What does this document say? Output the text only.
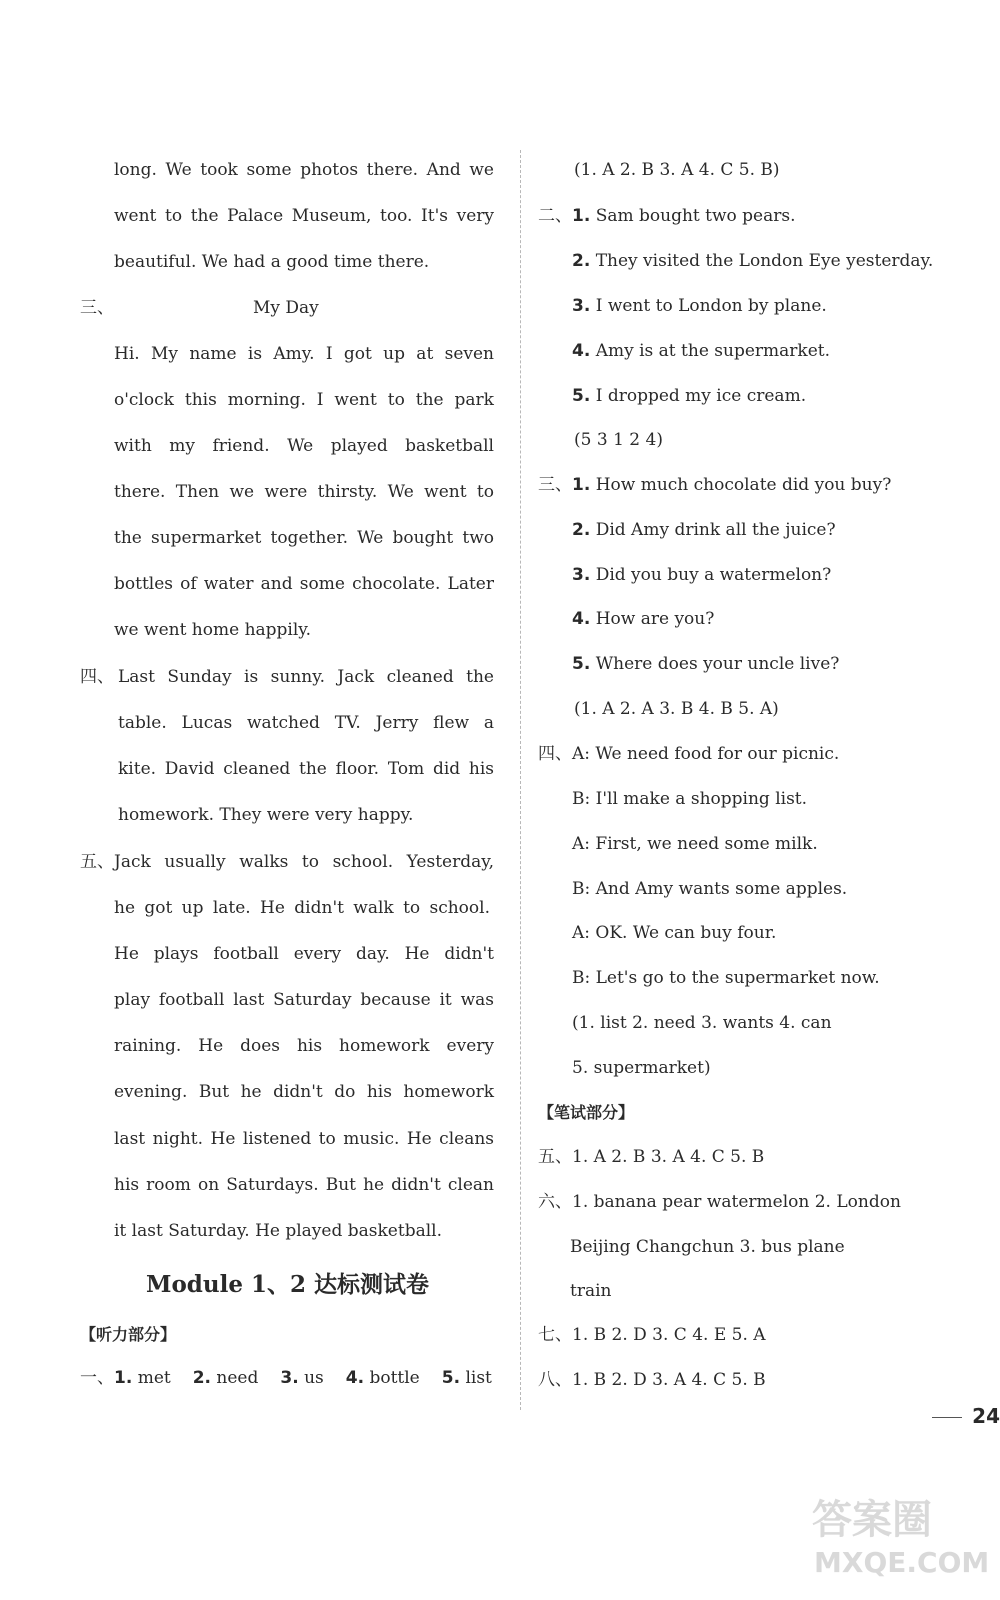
long. We took some photos there. And we
went to the Palace Museum, too. It's very
beautiful. We had a good time there.
三、	My Day
Hi. My name is Amy. I got up at seven
o'clock this morning. I went to the park
with my friend. We played basketball
there. Then we were thirsty. We went to
the supermarket together. We bought two
bottles of water and some chocolate. Later
we went home happily.
四、 Last Sunday is sunny. Jack cleaned the
table. Lucas watched TV. Jerry flew a
kite. David cleaned the floor. Tom did his
homework. They were very happy.
五、 Jack usually walks to school. Yesterday,
he got up late. He didn't walk to school.
He plays football every day. He didn't
play football last Saturday because it was
raining. He does his homework every
evening. But he didn't do his homework
last night. He listened to music. He cleans
his room on Saturdays. But he didn't clean
it last Saturday. He played basketball.
Module 1、2 达标测试卷
【听力部分】
一、1. met 2. need 3. us 4. bottle 5. list
(1. A 2. B 3. A 4. C 5. B)
二、 1. Sam bought two pears.
2. They visited the London Eye yesterday.
3. I went to London by plane.
4. Amy is at the supermarket.
5. I dropped my ice cream.
(5 3 1 2 4)
三、 1. How much chocolate did you buy?
2. Did Amy drink all the juice?
3. Did you buy a watermelon?
4. How are you?
5. Where does your uncle live?
(1. A 2. A 3. B 4. B 5. A)
四、 A: We need food for our picnic.
B: I'll make a shopping list.
A: First, we need some milk.
B: And Amy wants some apples.
A: OK. We can buy four.
B: Let's go to the supermarket now.
(1. list 2. need 3. wants 4. can
5. supermarket)
【笔试部分】
五、1. A 2. B 3. A 4. C 5. B
六、1. banana pear watermelon 2. London
Beijing Changchun 3. bus plane
train
七、1. B 2. D 3. C 4. E 5. A
八、1. B 2. D 3. A 4. C 5. B
24
答案圈
MXQE.COM
